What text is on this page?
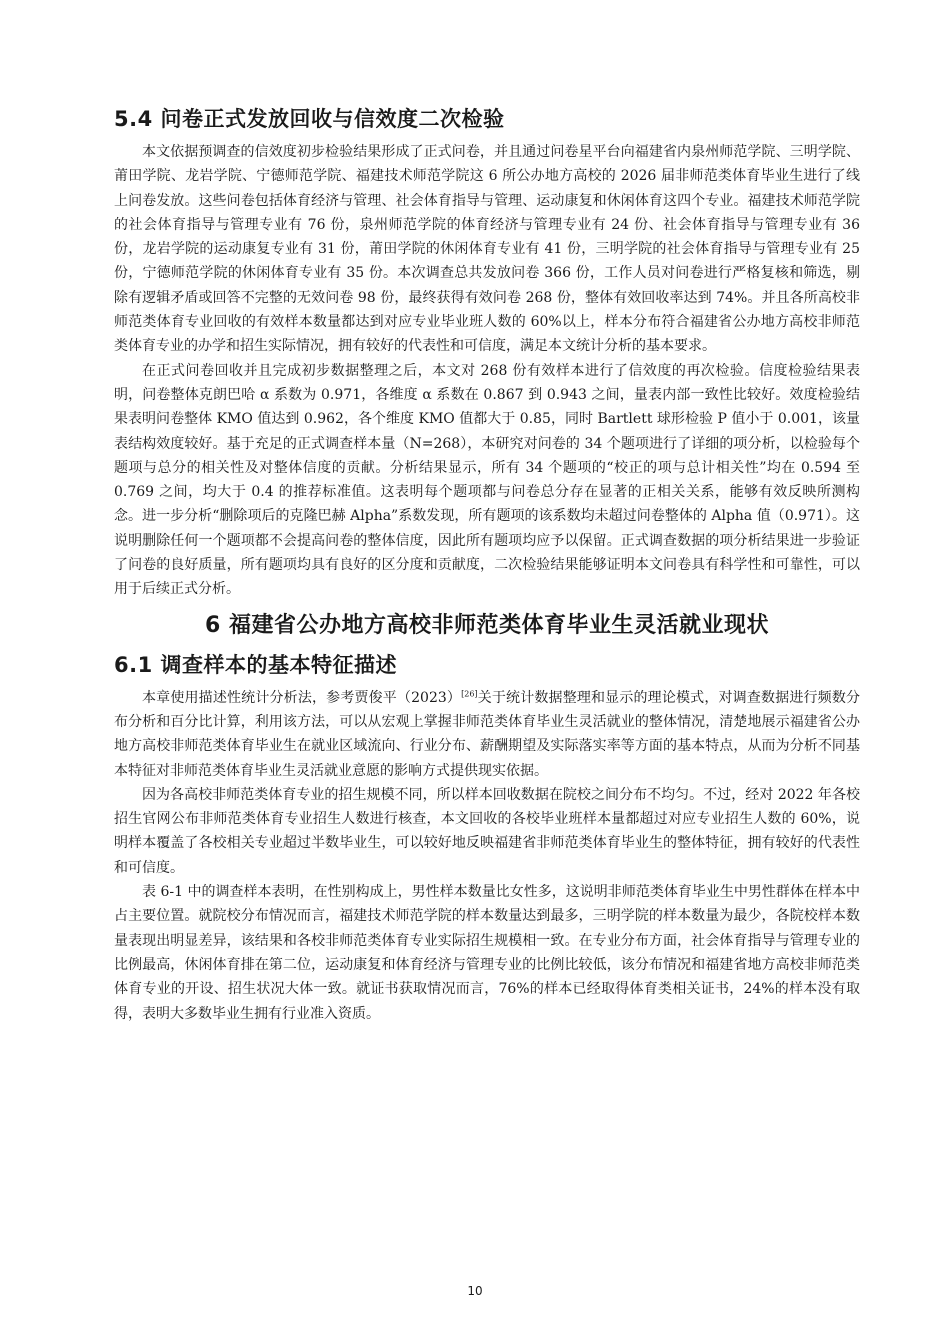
5.4 问卷正式发放回收与信效度二次检验

本文依据预调查的信效度初步检验结果形成了正式问卷，并且通过问卷星平台向福建省内泉州师范学院、三明学院、莆田学院、龙岩学院、宁德师范学院、福建技术师范学院这 6 所公办地方高校的 2026 届非师范类体育毕业生进行了线上问卷发放。这些问卷包括体育经济与管理、社会体育指导与管理、运动康复和休闲体育这四个专业。福建技术师范学院的社会体育指导与管理专业有 76 份，泉州师范学院的体育经济与管理专业有 24 份、社会体育指导与管理专业有 36 份，龙岩学院的运动康复专业有 31 份，莆田学院的休闲体育专业有 41 份，三明学院的社会体育指导与管理专业有 25 份，宁德师范学院的休闲体育专业有 35 份。本次调查总共发放问卷 366 份，工作人员对问卷进行严格复核和筛选，剔除有逻辑矛盾或回答不完整的无效问卷 98 份，最终获得有效问卷 268 份，整体有效回收率达到 74%。并且各所高校非师范类体育专业回收的有效样本数量都达到对应专业毕业班人数的 60%以上，样本分布符合福建省公办地方高校非师范类体育专业的办学和招生实际情况，拥有较好的代表性和可信度，满足本文统计分析的基本要求。

在正式问卷回收并且完成初步数据整理之后，本文对 268 份有效样本进行了信效度的再次检验。信度检验结果表明，问卷整体克朗巴哈 α 系数为 0.971，各维度 α 系数在 0.867 到 0.943 之间，量表内部一致性比较好。效度检验结果表明问卷整体 KMO 值达到 0.962，各个维度 KMO 值都大于 0.85，同时 Bartlett 球形检验 P 值小于 0.001，该量表结构效度较好。基于充足的正式调查样本量（N=268），本研究对问卷的 34 个题项进行了详细的项分析，以检验每个题项与总分的相关性及对整体信度的贡献。分析结果显示，所有 34 个题项的“校正的项与总计相关性”均在 0.594 至 0.769 之间，均大于 0.4 的推荐标准值。这表明每个题项都与问卷总分存在显著的正相关关系，能够有效反映所测构念。进一步分析“删除项后的克隆巴赫 Alpha”系数发现，所有题项的该系数均未超过问卷整体的 Alpha 值（0.971）。这说明删除任何一个题项都不会提高问卷的整体信度，因此所有题项均应予以保留。正式调查数据的项分析结果进一步验证了问卷的良好质量，所有题项均具有良好的区分度和贡献度，二次检验结果能够证明本文问卷具有科学性和可靠性，可以用于后续正式分析。

6 福建省公办地方高校非师范类体育毕业生灵活就业现状
6.1 调查样本的基本特征描述

本章使用描述性统计分析法，参考贾俊平（2023）[26]关于统计数据整理和显示的理论模式，对调查数据进行频数分布分析和百分比计算，利用该方法，可以从宏观上掌握非师范类体育毕业生灵活就业的整体情况，清楚地展示福建省公办地方高校非师范类体育毕业生在就业区域流向、行业分布、薪酬期望及实际落实率等方面的基本特点，从而为分析不同基本特征对非师范类体育毕业生灵活就业意愿的影响方式提供现实依据。

因为各高校非师范类体育专业的招生规模不同，所以样本回收数据在院校之间分布不均匀。不过，经对 2022 年各校招生官网公布非师范类体育专业招生人数进行核查，本文回收的各校毕业班样本量都超过对应专业招生人数的 60%，说明样本覆盖了各校相关专业超过半数毕业生，可以较好地反映福建省非师范类体育毕业生的整体特征，拥有较好的代表性和可信度。

表 6-1 中的调查样本表明，在性别构成上，男性样本数量比女性多，这说明非师范类体育毕业生中男性群体在样本中占主要位置。就院校分布情况而言，福建技术师范学院的样本数量达到最多，三明学院的样本数量为最少，各院校样本数量表现出明显差异，该结果和各校非师范类体育专业实际招生规模相一致。在专业分布方面，社会体育指导与管理专业的比例最高，休闲体育排在第二位，运动康复和体育经济与管理专业的比例比较低，该分布情况和福建省地方高校非师范类体育专业的开设、招生状况大体一致。就证书获取情况而言，76%的样本已经取得体育类相关证书，24%的样本没有取得，表明大多数毕业生拥有行业准入资质。

10
